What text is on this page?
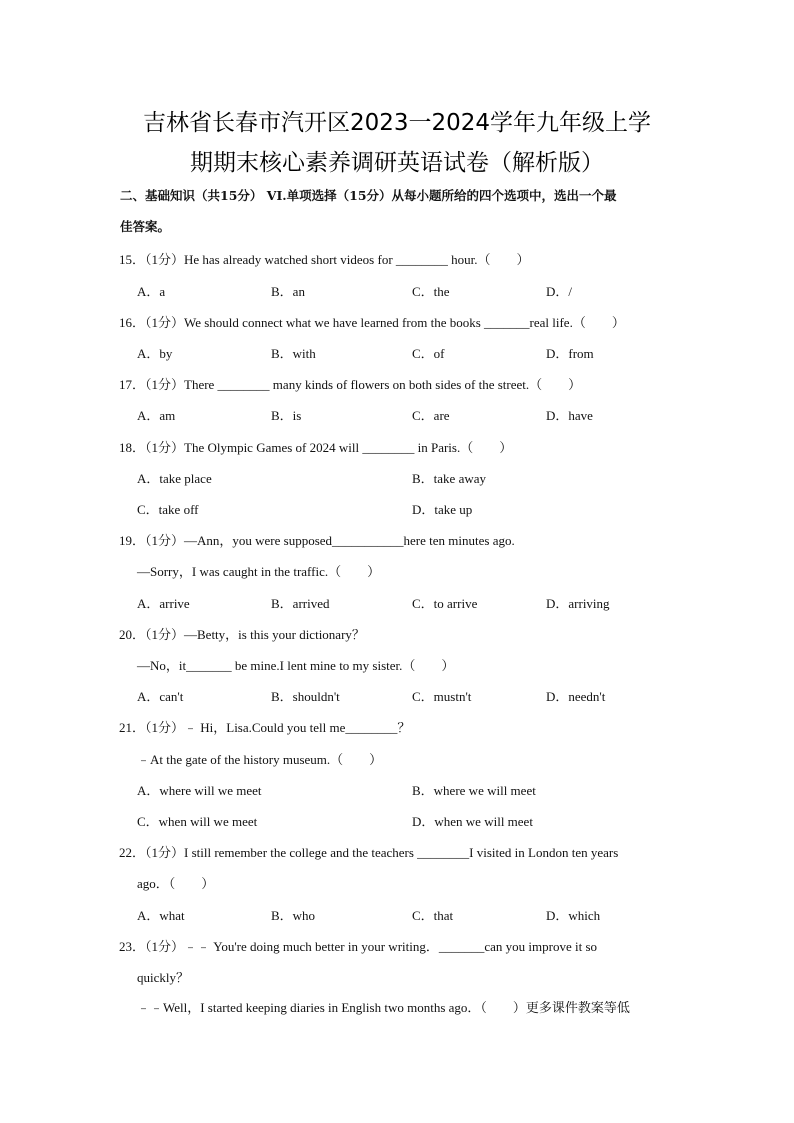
吉林省长春市汽开区2023一2024学年九年级上学
期期末核心素养调研英语试卷（解析版）
二、基础知识（共15分） VI.单项选择（15分）从每小题所给的四个选项中，选出一个最
佳答案。
15．（1分）He has already watched short videos for ________ hour.（　　）
A．a	B．an	C．the	D．/
16．（1分）We should connect what we have learned from the books _______real life.（　　）
A．by	B．with	C．of	D．from
17．（1分）There ________ many kinds of flowers on both sides of the street.（　　）
A．am	B．is	C．are	D．have
18．（1分）The Olympic Games of 2024 will ________ in Paris.（　　）
A．take place	B．take away
C．take off	D．take up
19．（1分）—Ann，you were supposed___________here ten minutes ago.
—Sorry，I was caught in the traffic.（　　）
A．arrive	B．arrived	C．to arrive	D．arriving
20．（1分）—Betty，is this your dictionary？
—No，it_______ be mine.I lent mine to my sister.（　　）
A．can't	B．shouldn't	C．mustn't	D．needn't
21．（1分）﹣ Hi，Lisa.Could you tell me________？
﹣At the gate of the history museum.（　　）
A．where will we meet	B．where we will meet
C．when will we meet	D．when we will meet
22．（1分）I still remember the college and the teachers ________I visited in London ten years
ago．（　　）
A．what	B．who	C．that	D．which
23．（1分）﹣﹣ You're doing much better in your writing．_______can you improve it so
quickly？
﹣﹣Well，I started keeping diaries in English two months ago．（　　）更多课件教案等低
